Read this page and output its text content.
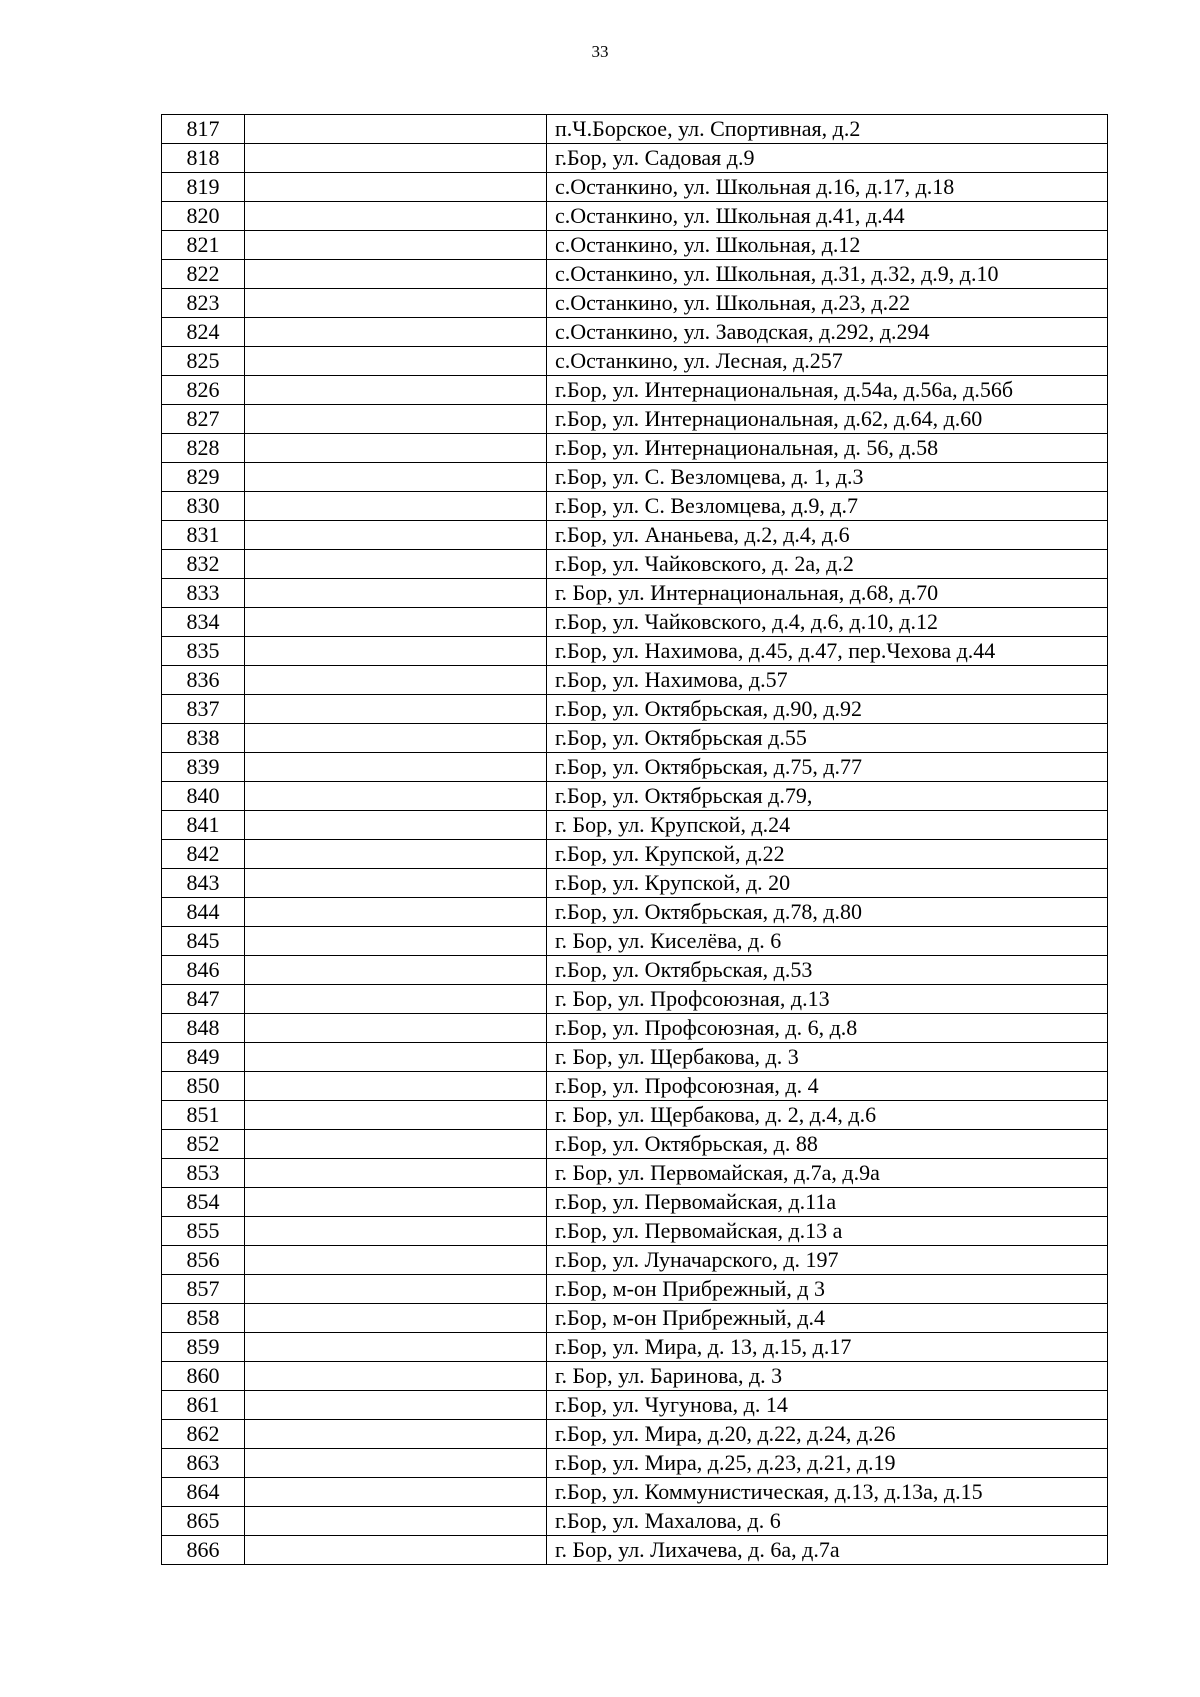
33
817		п.Ч.Борское, ул. Спортивная, д.2
818		г.Бор, ул. Садовая д.9
819		с.Останкино, ул. Школьная д.16, д.17, д.18
820		с.Останкино, ул. Школьная д.41, д.44
821		с.Останкино, ул. Школьная, д.12
822		с.Останкино, ул. Школьная, д.31, д.32, д.9, д.10
823		с.Останкино, ул. Школьная, д.23, д.22
824		с.Останкино, ул. Заводская, д.292, д.294
825		с.Останкино, ул. Лесная, д.257
826		г.Бор, ул. Интернациональная, д.54а, д.56а, д.56б
827		г.Бор, ул. Интернациональная, д.62, д.64, д.60
828		г.Бор, ул. Интернациональная, д. 56, д.58
829		г.Бор, ул. С. Везломцева, д. 1, д.3
830		г.Бор, ул. С. Везломцева, д.9, д.7
831		г.Бор, ул. Ананьева, д.2, д.4, д.6
832		г.Бор, ул. Чайковского, д. 2а, д.2
833		г. Бор, ул. Интернациональная, д.68, д.70
834		г.Бор, ул. Чайковского, д.4, д.6, д.10, д.12
835		г.Бор, ул. Нахимова, д.45, д.47, пер.Чехова д.44
836		г.Бор, ул. Нахимова, д.57
837		г.Бор, ул. Октябрьская, д.90, д.92
838		г.Бор, ул. Октябрьская д.55
839		г.Бор, ул. Октябрьская, д.75, д.77
840		г.Бор, ул. Октябрьская д.79,
841		г. Бор, ул. Крупской, д.24
842		г.Бор, ул. Крупской, д.22
843		г.Бор, ул. Крупской, д. 20
844		г.Бор, ул. Октябрьская, д.78, д.80
845		г. Бор, ул. Киселёва, д. 6
846		г.Бор, ул. Октябрьская, д.53
847		г. Бор, ул. Профсоюзная, д.13
848		г.Бор, ул. Профсоюзная, д. 6, д.8
849		г. Бор, ул. Щербакова, д. 3
850		г.Бор, ул. Профсоюзная, д. 4
851		г. Бор, ул. Щербакова, д. 2, д.4, д.6
852		г.Бор, ул. Октябрьская, д. 88
853		г. Бор, ул. Первомайская, д.7а, д.9а
854		г.Бор, ул. Первомайская, д.11а
855		г.Бор, ул. Первомайская, д.13 а
856		г.Бор, ул. Луначарского, д. 197
857		г.Бор, м-он Прибрежный, д 3
858		г.Бор, м-он Прибрежный, д.4
859		г.Бор, ул. Мира, д. 13, д.15, д.17
860		г. Бор, ул. Баринова, д. 3
861		г.Бор, ул. Чугунова, д. 14
862		г.Бор, ул. Мира, д.20, д.22, д.24, д.26
863		г.Бор, ул. Мира, д.25, д.23, д.21, д.19
864		г.Бор, ул. Коммунистическая, д.13, д.13а, д.15
865		г.Бор, ул. Махалова, д. 6
866		г. Бор, ул. Лихачева, д. 6а, д.7а
